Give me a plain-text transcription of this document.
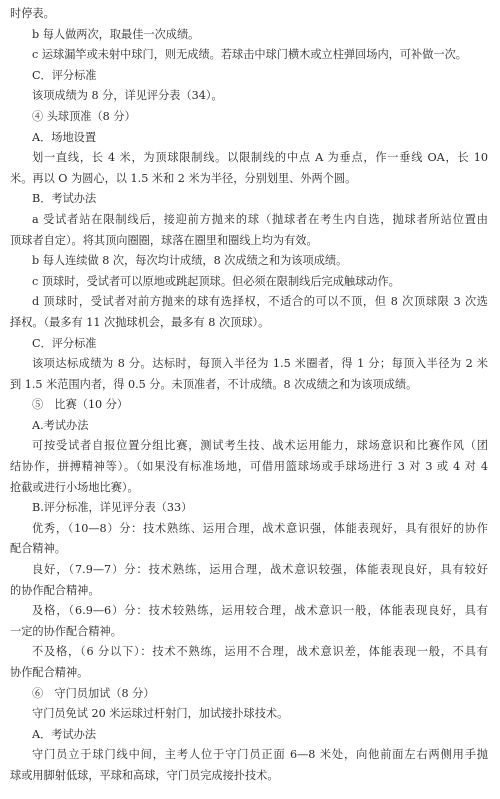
时停表。
b 每人做两次，取最佳一次成绩。
c 运球漏竿或未射中球门，则无成绩。若球击中球门横木或立柱弹回场内，可补做一次。
C．评分标准
该项成绩为 8 分，详见评分表（34）。
④ 头球顶准（8 分）
A．场地设置
划一直线，长 4 米，为顶球限制线。以限制线的中点 A 为垂点，作一垂线 OA，长 10
米。再以 O 为圆心，以 1.5 米和 2 米为半径，分别划里、外两个圆。
B．考试办法
a 受试者站在限制线后，接迎前方抛来的球（抛球者在考生内自选，抛球者所站位置由
顶球者自定）。将其顶向圈圈，球落在圈里和圈线上均为有效。
b 每人连续做 8 次，每次均计成绩，8 次成绩之和为该项成绩。
c 顶球时，受试者可以原地或跳起顶球。但必须在限制线后完成触球动作。
d 顶球时，受试者对前方抛来的球有选择权，不适合的可以不顶，但 8 次顶球限 3 次选
择权。（最多有 11 次抛球机会，最多有 8 次顶球）。
C．评分标准
该项达标成绩为 8 分。达标时，每顶入半径为 1.5 米圈者，得 1 分；每顶入半径为 2 米
到 1.5 米范围内者，得 0.5 分。未顶准者，不计成绩。8 次成绩之和为该项成绩。
⑤　比赛（10 分）
A.考试办法
可按受试者自报位置分组比赛，测试考生技、战术运用能力，球场意识和比赛作风（团
结协作，拼搏精神等）。（如果没有标准场地，可借用篮球场或手球场进行 3 对 3 或 4 对 4
抢截或进行小场地比赛）。
B.评分标准，详见评分表（33）
优秀，（10—8）分：技术熟练、运用合理，战术意识强，体能表现好，具有很好的协作
配合精神。
良好，（7.9—7）分：技术熟练，运用合理，战术意识较强，体能表现良好，具有较好
的协作配合精神。
及格，（6.9—6）分：技术较熟练，运用较合理，战术意识一般，体能表现良好，具有
一定的协作配合精神。
不及格，（6 分以下）：技术不熟练，运用不合理，战术意识差，体能表现一般，不具有
协作配合精神。
⑥　守门员加试（8 分）
守门员免试 20 米运球过杆射门，加试接扑球技术。
A．考试办法
守门员立于球门线中间，主考人位于守门员正面 6—8 米处，向他前面左右两侧用手抛
球或用脚射低球，平球和高球，守门员完成接扑技术。
